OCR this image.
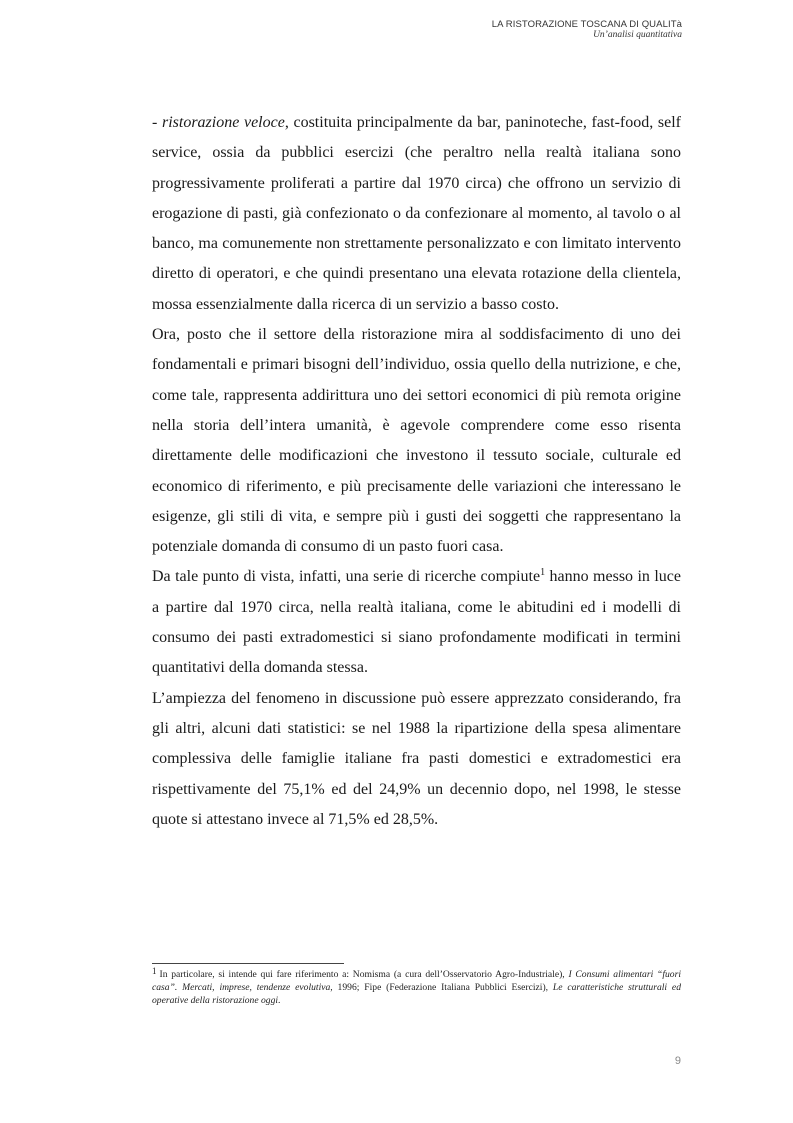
LA RISTORAZIONE TOSCANA DI QUALITà
Un’analisi quantitativa

- ristorazione veloce, costituita principalmente da bar, paninoteche, fast-food, self service, ossia da pubblici esercizi (che peraltro nella realtà italiana sono progressivamente proliferati a partire dal 1970 circa) che offrono un servizio di erogazione di pasti, già confezionato o da confezionare al momento, al tavolo o al banco, ma comunemente non strettamente personalizzato e con limitato intervento diretto di operatori, e che quindi presentano una elevata rotazione della clientela, mossa essenzialmente dalla ricerca di un servizio a basso costo.

Ora, posto che il settore della ristorazione mira al soddisfacimento di uno dei fondamentali e primari bisogni dell’individuo, ossia quello della nutrizione, e che, come tale, rappresenta addirittura uno dei settori economici di più remota origine nella storia dell’intera umanità, è agevole comprendere come esso risenta direttamente delle modificazioni che investono il tessuto sociale, culturale ed economico di riferimento, e più precisamente delle variazioni che interessano le esigenze, gli stili di vita, e sempre più i gusti dei soggetti che rappresentano la potenziale domanda di consumo di un pasto fuori casa.

Da tale punto di vista, infatti, una serie di ricerche compiute$^1$ hanno messo in luce a partire dal 1970 circa, nella realtà italiana, come le abitudini ed i modelli di consumo dei pasti extradomestici si siano profondamente modificati in termini quantitativi della domanda stessa.

L’ampiezza del fenomeno in discussione può essere apprezzato considerando, fra gli altri, alcuni dati statistici: se nel 1988 la ripartizione della spesa alimentare complessiva delle famiglie italiane fra pasti domestici e extradomestici era rispettivamente del 75,1% ed del 24,9% un decennio dopo, nel 1998, le stesse quote si attestano invece al 71,5% ed 28,5%.

$^1$ In particolare, si intende qui fare riferimento a: Nomisma (a cura dell’Osservatorio Agro-Industriale), I Consumi alimentari “fuori casa”. Mercati, imprese, tendenze evolutiva, 1996; Fipe (Federazione Italiana Pubblici Esercizi), Le caratteristiche strutturali ed operative della ristorazione oggi.
9
